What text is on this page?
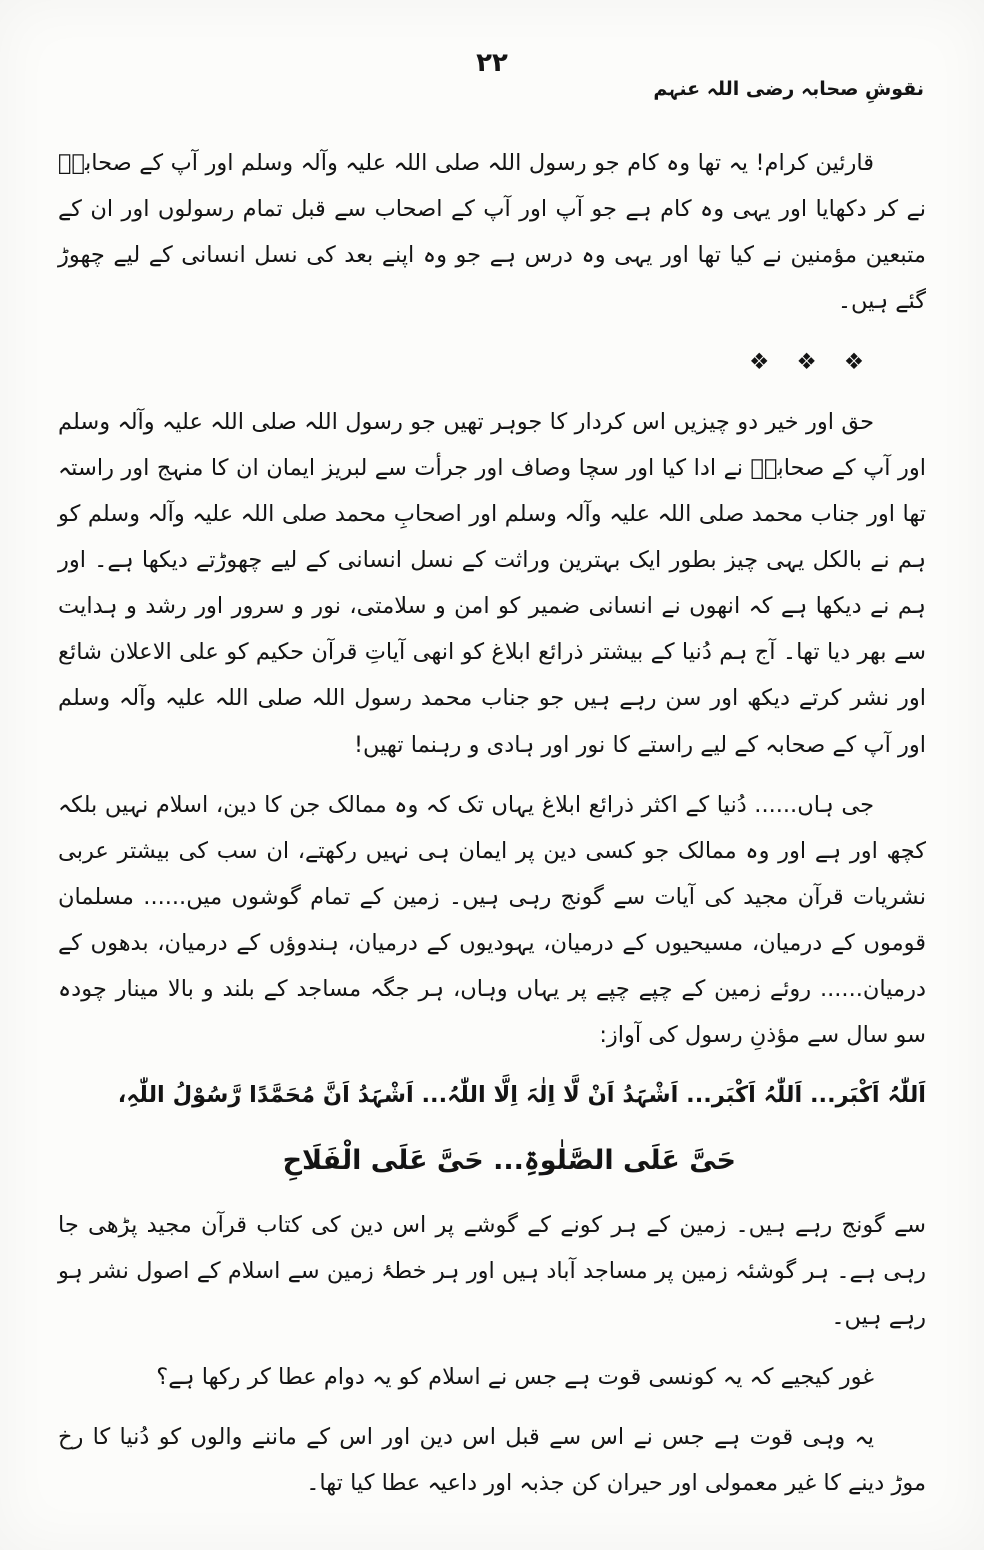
۲۲
نقوشِ صحابہ رضی اللہ عنہم

قارئین کرام! یہ تھا وہ کام جو رسول اللہ صلی اللہ علیہ وآلہ وسلم اور آپ کے صحابہؓ نے کر دکھایا اور یہی وہ کام ہے جو آپ اور آپ کے اصحاب سے قبل تمام رسولوں اور ان کے متبعین مؤمنین نے کیا تھا اور یہی وہ درس ہے جو وہ اپنے بعد کی نسل انسانی کے لیے چھوڑ گئے ہیں۔

❖ ❖ ❖

حق اور خیر دو چیزیں اس کردار کا جوہر تھیں جو رسول اللہ صلی اللہ علیہ وآلہ وسلم اور آپ کے صحابہؓ نے ادا کیا اور سچا وصاف اور جرأت سے لبریز ایمان ان کا منہج اور راستہ تھا اور جناب محمد صلی اللہ علیہ وآلہ وسلم اور اصحابِ محمد صلی اللہ علیہ وآلہ وسلم کو ہم نے بالکل یہی چیز بطور ایک بہترین وراثت کے نسل انسانی کے لیے چھوڑتے دیکھا ہے۔ اور ہم نے دیکھا ہے کہ انھوں نے انسانی ضمیر کو امن و سلامتی، نور و سرور اور رشد و ہدایت سے بھر دیا تھا۔ آج ہم دُنیا کے بیشتر ذرائع ابلاغ کو انھی آیاتِ قرآن حکیم کو علی الاعلان شائع اور نشر کرتے دیکھ اور سن رہے ہیں جو جناب محمد رسول اللہ صلی اللہ علیہ وآلہ وسلم اور آپ کے صحابہ کے لیے راستے کا نور اور ہادی و رہنما تھیں!

جی ہاں...... دُنیا کے اکثر ذرائع ابلاغ یہاں تک کہ وہ ممالک جن کا دین، اسلام نہیں بلکہ کچھ اور ہے اور وہ ممالک جو کسی دین پر ایمان ہی نہیں رکھتے، ان سب کی بیشتر عربی نشریات قرآن مجید کی آیات سے گونج رہی ہیں۔ زمین کے تمام گوشوں میں...... مسلمان قوموں کے درمیان، مسیحیوں کے درمیان، یہودیوں کے درمیان، ہندوؤں کے درمیان، بدھوں کے درمیان...... روئے زمین کے چپے چپے پر یہاں وہاں، ہر جگہ مساجد کے بلند و بالا مینار چودہ سو سال سے مؤذنِ رسول کی آواز:

اَللّٰہُ اَکْبَر... اَللّٰہُ اَکْبَر... اَشْہَدُ اَنْ لَّا اِلٰہَ اِلَّا اللّٰہُ... اَشْہَدُ اَنَّ مُحَمَّدًا رَّسُوْلُ اللّٰہِ،

حَیَّ عَلَی الصَّلٰوۃِ... حَیَّ عَلَی الْفَلَاحِ

سے گونج رہے ہیں۔ زمین کے ہر کونے کے گوشے پر اس دین کی کتاب قرآن مجید پڑھی جا رہی ہے۔ ہر گوشئہ زمین پر مساجد آباد ہیں اور ہر خطۂ زمین سے اسلام کے اصول نشر ہو رہے ہیں۔

غور کیجیے کہ یہ کونسی قوت ہے جس نے اسلام کو یہ دوام عطا کر رکھا ہے؟

یہ وہی قوت ہے جس نے اس سے قبل اس دین اور اس کے ماننے والوں کو دُنیا کا رخ موڑ دینے کا غیر معمولی اور حیران کن جذبہ اور داعیہ عطا کیا تھا۔
